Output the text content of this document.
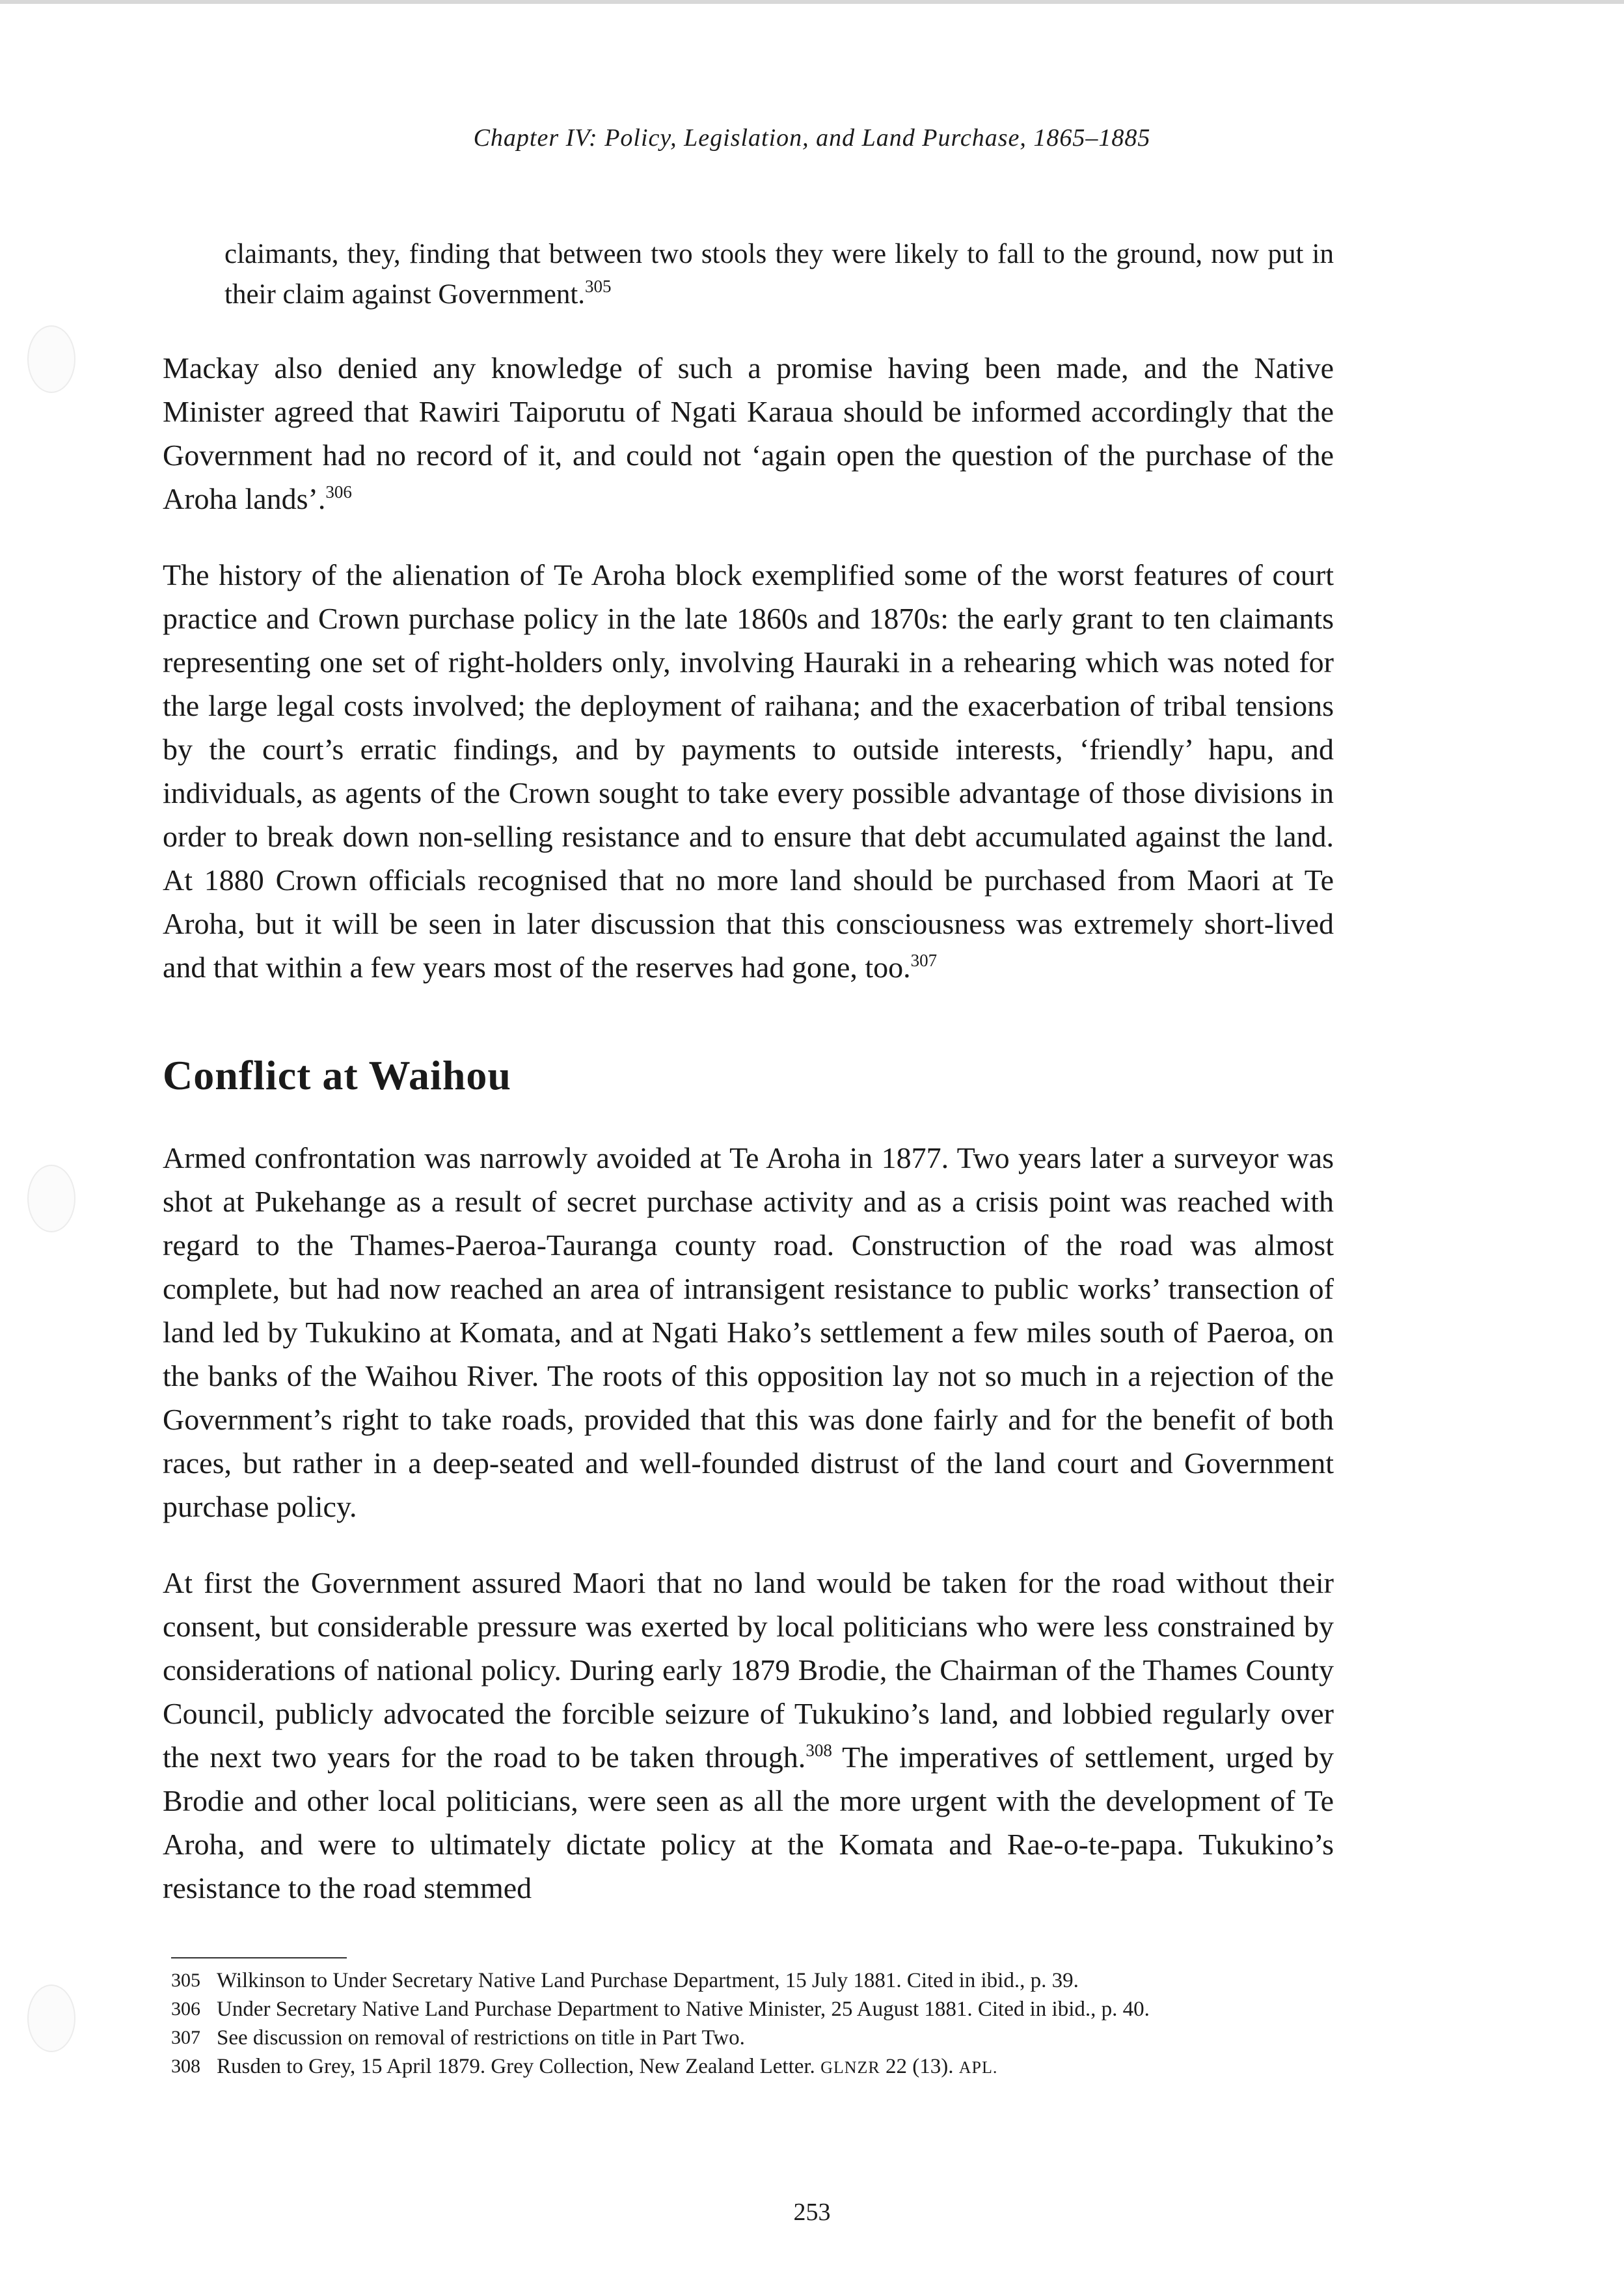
Chapter IV: Policy, Legislation, and Land Purchase, 1865–1885
claimants, they, finding that between two stools they were likely to fall to the ground, now put in their claim against Government.$^{305}$

Mackay also denied any knowledge of such a promise having been made, and the Native Minister agreed that Rawiri Taiporutu of Ngati Karaua should be informed accordingly that the Government had no record of it, and could not ‘again open the question of the purchase of the Aroha lands’.$^{306}$

The history of the alienation of Te Aroha block exemplified some of the worst features of court practice and Crown purchase policy in the late 1860s and 1870s: the early grant to ten claimants representing one set of right-holders only, involving Hauraki in a rehearing which was noted for the large legal costs involved; the deployment of raihana; and the exacerbation of tribal tensions by the court’s erratic findings, and by payments to outside interests, ‘friendly’ hapu, and individuals, as agents of the Crown sought to take every possible advantage of those divisions in order to break down non-selling resistance and to ensure that debt accumulated against the land. At 1880 Crown officials recognised that no more land should be purchased from Maori at Te Aroha, but it will be seen in later discussion that this consciousness was extremely short-lived and that within a few years most of the reserves had gone, too.$^{307}$

Conflict at Waihou

Armed confrontation was narrowly avoided at Te Aroha in 1877. Two years later a surveyor was shot at Pukehange as a result of secret purchase activity and as a crisis point was reached with regard to the Thames-Paeroa-Tauranga county road. Construction of the road was almost complete, but had now reached an area of intransigent resistance to public works’ transection of land led by Tukukino at Komata, and at Ngati Hako’s settlement a few miles south of Paeroa, on the banks of the Waihou River. The roots of this opposition lay not so much in a rejection of the Government’s right to take roads, provided that this was done fairly and for the benefit of both races, but rather in a deep-seated and well-founded distrust of the land court and Government purchase policy.

At first the Government assured Maori that no land would be taken for the road without their consent, but considerable pressure was exerted by local politicians who were less constrained by considerations of national policy. During early 1879 Brodie, the Chairman of the Thames County Council, publicly advocated the forcible seizure of Tukukino’s land, and lobbied regularly over the next two years for the road to be taken through.$^{308}$ The imperatives of settlement, urged by Brodie and other local politicians, were seen as all the more urgent with the development of Te Aroha, and were to ultimately dictate policy at the Komata and Rae-o-te-papa. Tukukino’s resistance to the road stemmed

305 Wilkinson to Under Secretary Native Land Purchase Department, 15 July 1881. Cited in ibid., p. 39.
306 Under Secretary Native Land Purchase Department to Native Minister, 25 August 1881. Cited in ibid., p. 40.
307 See discussion on removal of restrictions on title in Part Two.
308 Rusden to Grey, 15 April 1879. Grey Collection, New Zealand Letter. GLNZR 22 (13). APL.
253
